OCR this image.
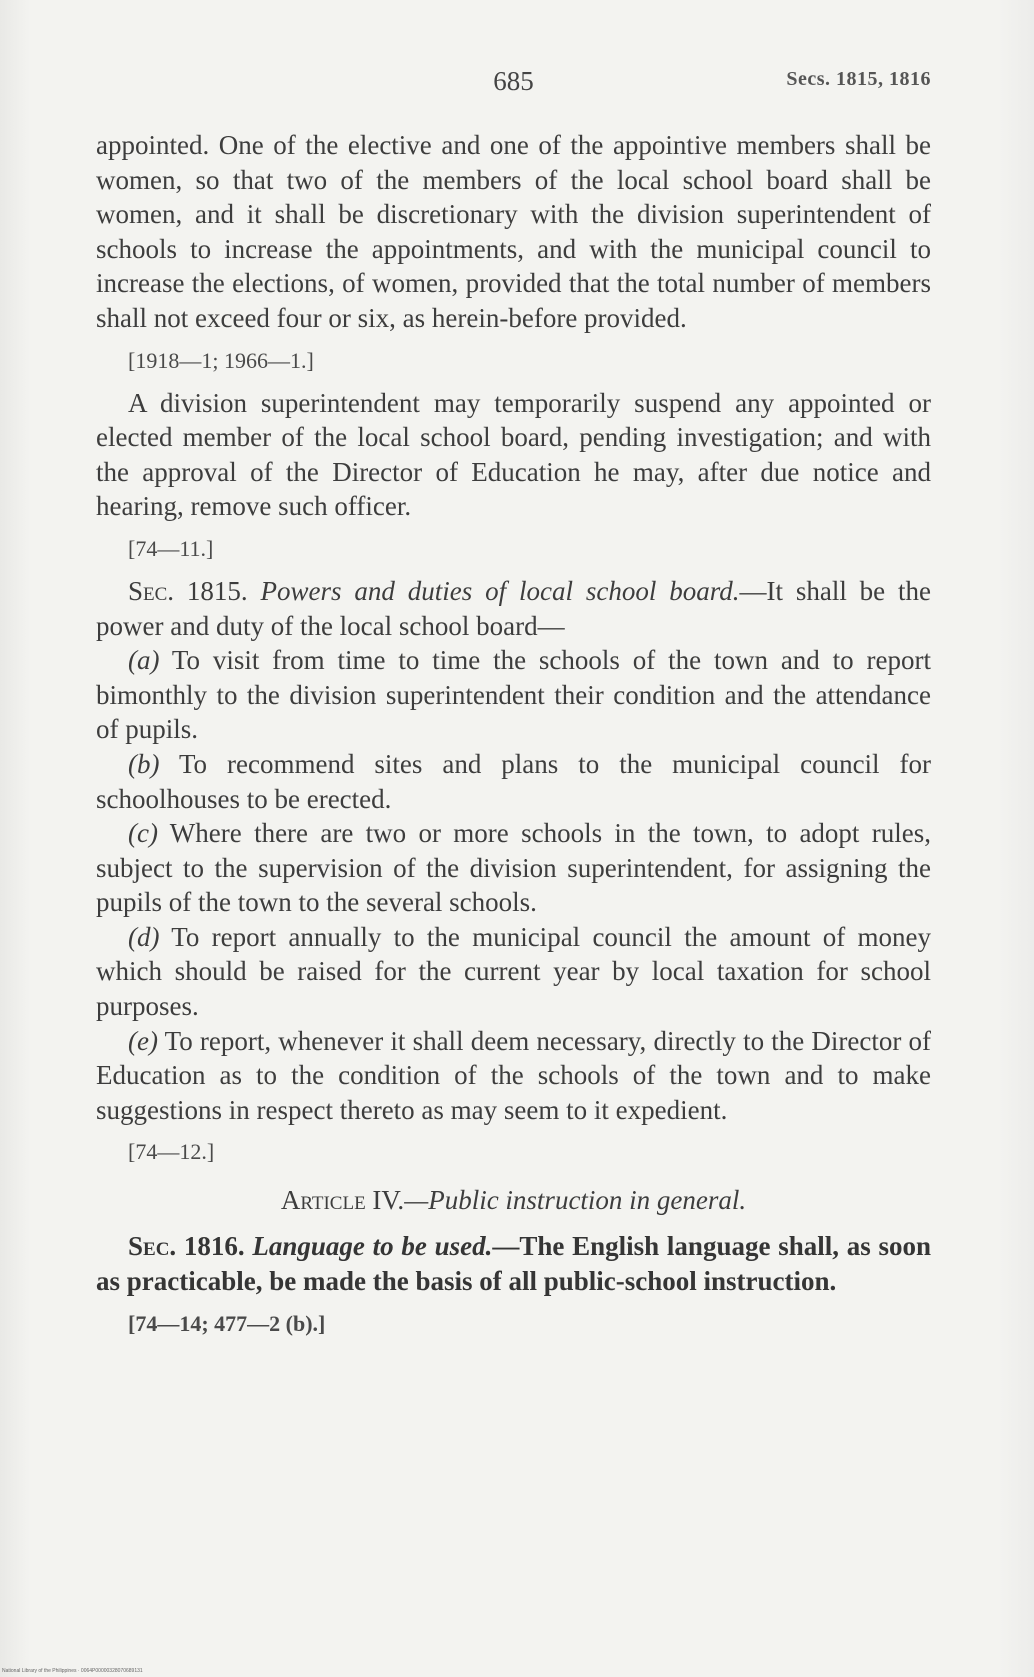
685	Secs. 1815, 1816

appointed. One of the elective and one of the appointive members shall be women, so that two of the members of the local school board shall be women, and it shall be discretionary with the division superintendent of schools to increase the appointments, and with the municipal council to increase the elections, of women, provided that the total number of members shall not exceed four or six, as herein-before provided.

[1918—1; 1966—1.]

A division superintendent may temporarily suspend any appointed or elected member of the local school board, pending investigation; and with the approval of the Director of Education he may, after due notice and hearing, remove such officer.

[74—11.]

Sec. 1815. Powers and duties of local school board.—It shall be the power and duty of the local school board—

(a) To visit from time to time the schools of the town and to report bimonthly to the division superintendent their condition and the attendance of pupils.

(b) To recommend sites and plans to the municipal council for schoolhouses to be erected.

(c) Where there are two or more schools in the town, to adopt rules, subject to the supervision of the division superintendent, for assigning the pupils of the town to the several schools.

(d) To report annually to the municipal council the amount of money which should be raised for the current year by local taxation for school purposes.

(e) To report, whenever it shall deem necessary, directly to the Director of Education as to the condition of the schools of the town and to make suggestions in respect thereto as may seem to it expedient.

[74—12.]

Article IV.—Public instruction in general.

Sec. 1816. Language to be used.—The English language shall, as soon as practicable, be made the basis of all public-school instruction.

[74—14; 477—2 (b).]

National Library of the Philippines · 0064P00000328070689131
